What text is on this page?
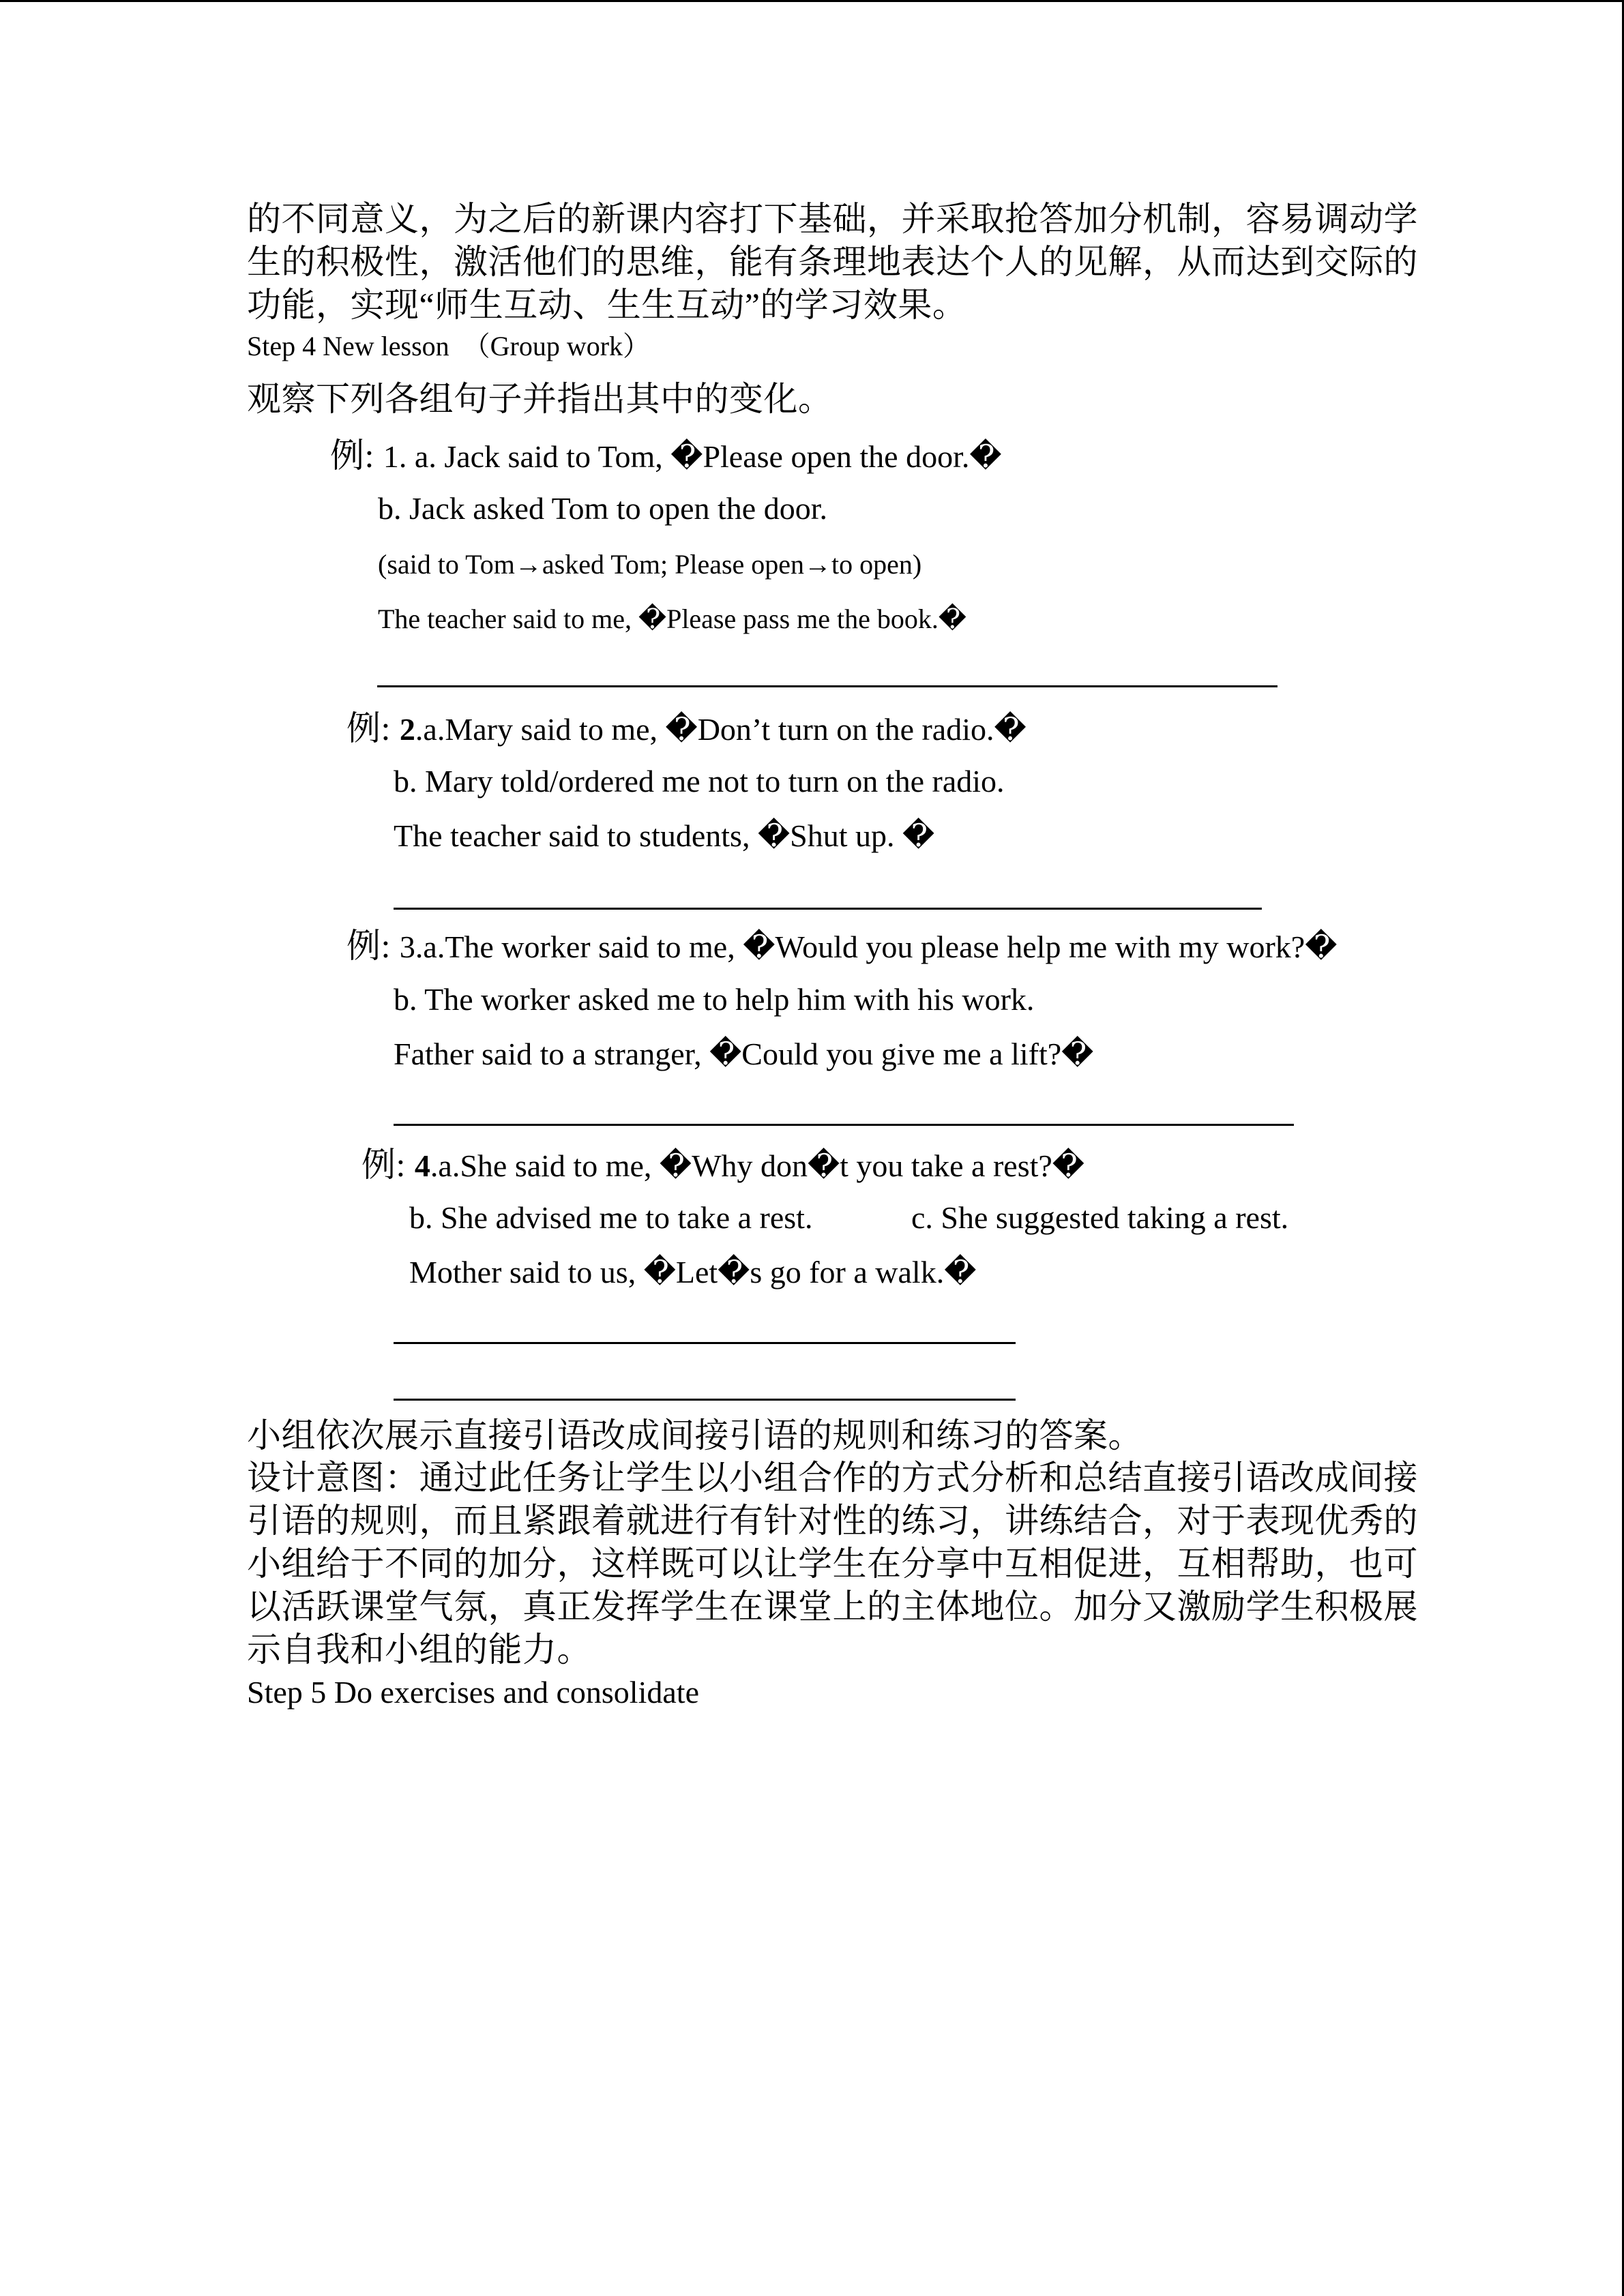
的不同意义，为之后的新课内容打下基础，并采取抢答加分机制，容易调动学
生的积极性，激活他们的思维，能有条理地表达个人的见解，从而达到交际的
功能，实现“师生互动、生生互动”的学习效果。
Step 4 New lesson  （Group work）
观察下列各组句子并指出其中的变化。
例: 1. a. Jack said to Tom, �Please open the door.�
b. Jack asked Tom to open the door.
(said to Tom→asked Tom; Please open→to open)
The teacher said to me, �Please pass me the book.�
例: 2.a.Mary said to me, �Don’t turn on the radio.�
b. Mary told/ordered me not to turn on the radio.
The teacher said to students, �Shut up. �
例: 3.a.The worker said to me, �Would you please help me with my work?�
b. The worker asked me to help him with his work.
Father said to a stranger, �Could you give me a lift?�
例: 4.a.She said to me, �Why don�t you take a rest?�
b. She advised me to take a rest.	c. She suggested taking a rest.
Mother said to us, �Let�s go for a walk.�
小组依次展示直接引语改成间接引语的规则和练习的答案。
设计意图：通过此任务让学生以小组合作的方式分析和总结直接引语改成间接
引语的规则，而且紧跟着就进行有针对性的练习，讲练结合，对于表现优秀的
小组给于不同的加分，这样既可以让学生在分享中互相促进，互相帮助，也可
以活跃课堂气氛，真正发挥学生在课堂上的主体地位。加分又激励学生积极展
示自我和小组的能力。
Step 5 Do exercises and consolidate
